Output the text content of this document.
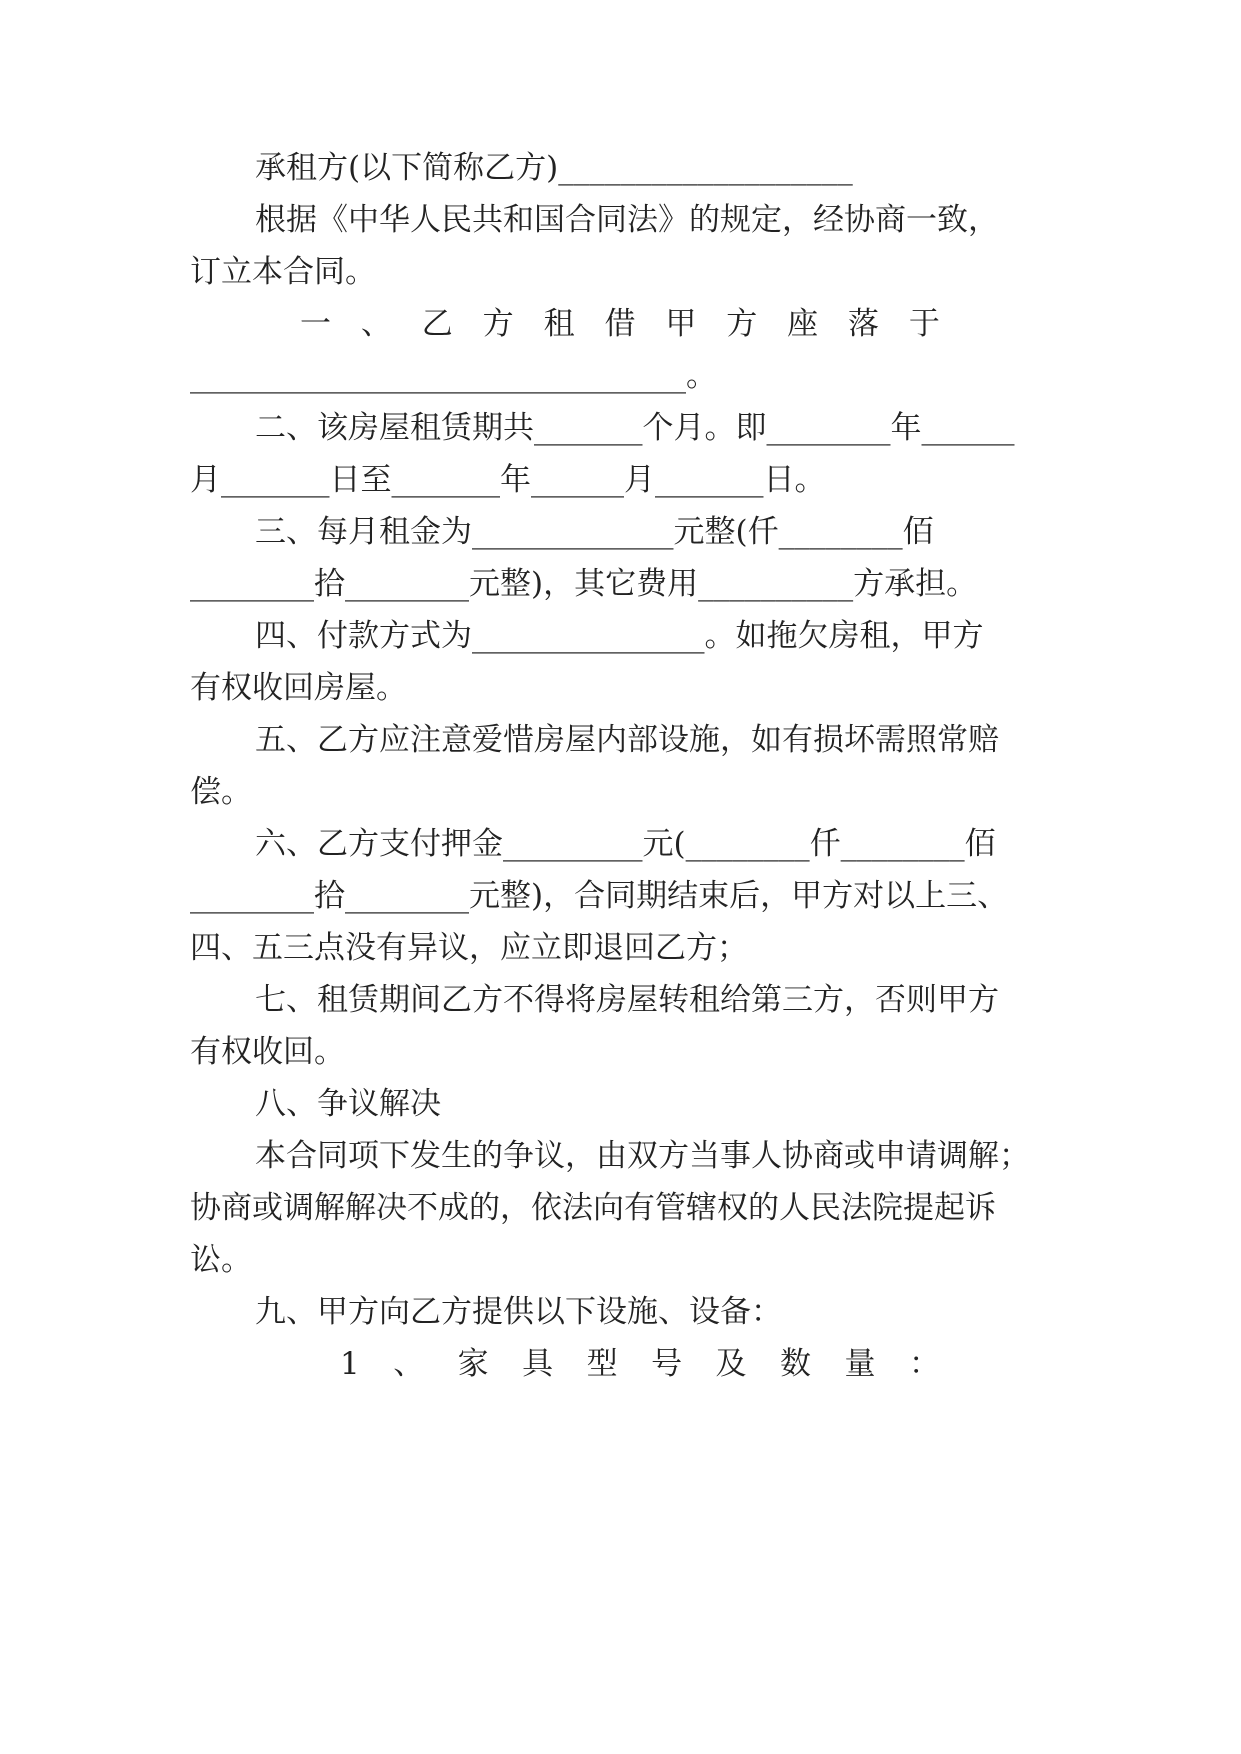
承租方(以下简称乙方)___________________
根据《中华人民共和国合同法》的规定，经协商一致，
订立本合同。
一 、 乙 方 租 借 甲 方 座 落 于
________________________________。
二、该房屋租赁期共_______个月。即________年______
月_______日至_______年______月_______日。
三、每月租金为_____________元整(仟________佰
________拾________元整)，其它费用__________方承担。
四、付款方式为_______________。如拖欠房租，甲方
有权收回房屋。
五、乙方应注意爱惜房屋内部设施，如有损坏需照常赔
偿。
六、乙方支付押金_________元(________仟________佰
________拾________元整)，合同期结束后，甲方对以上三、
四、五三点没有异议，应立即退回乙方；
七、租赁期间乙方不得将房屋转租给第三方，否则甲方
有权收回。
八、争议解决
本合同项下发生的争议，由双方当事人协商或申请调解；
协商或调解解决不成的，依法向有管辖权的人民法院提起诉
讼。
九、甲方向乙方提供以下设施、设备：
1 、 家 具 型 号 及 数 量 ：
